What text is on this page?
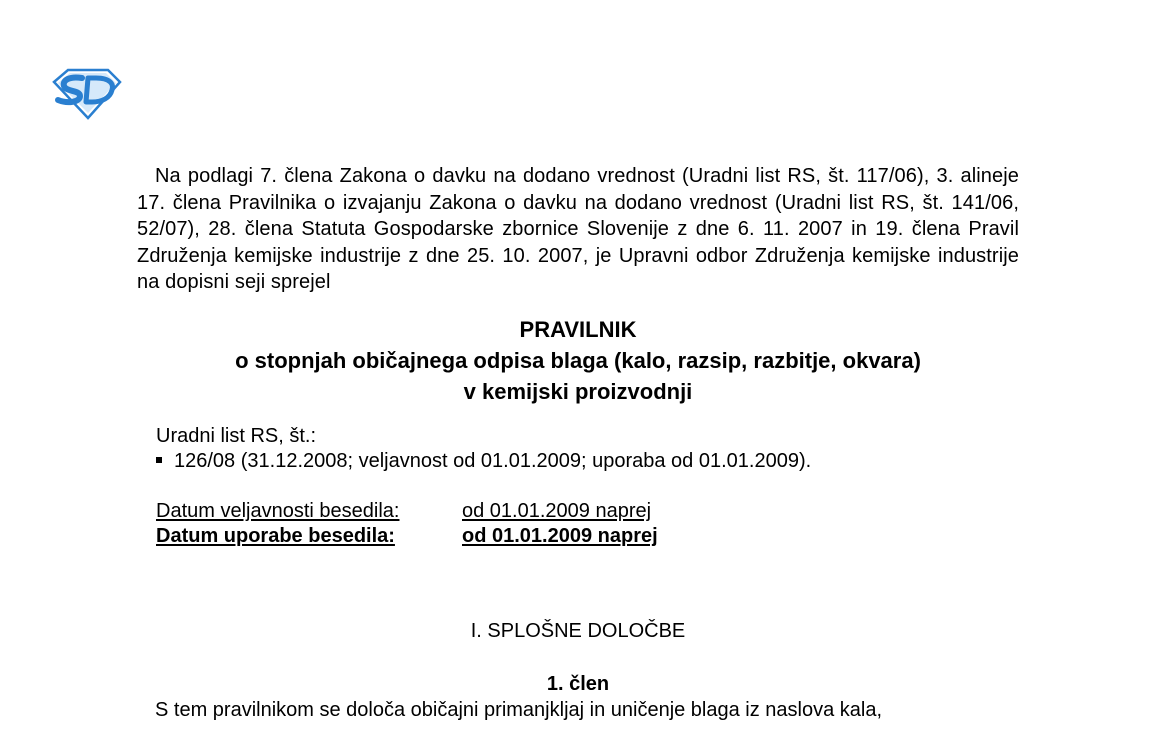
Na podlagi 7. člena Zakona o davku na dodano vrednost (Uradni list RS, št. 117/06), 3. alineje 17. člena Pravilnika o izvajanju Zakona o davku na dodano vrednost (Uradni list RS, št. 141/06, 52/07), 28. člena Statuta Gospodarske zbornice Slovenije z dne 6. 11. 2007 in 19. člena Pravil Združenja kemijske industrije z dne 25. 10. 2007, je Upravni odbor Združenja kemijske industrije na dopisni seji sprejel

PRAVILNIK
o stopnjah običajnega odpisa blaga (kalo, razsip, razbitje, okvara)
v kemijski proizvodnji
Uradni list RS, št.:
126/08 (31.12.2008; veljavnost od 01.01.2009; uporaba od 01.01.2009).
Datum veljavnosti besedila:	od 01.01.2009 naprej
Datum uporabe besedila:	od 01.01.2009 naprej
I. SPLOŠNE DOLOČBE
1. člen

S tem pravilnikom se določa običajni primanjkljaj in uničenje blaga iz naslova kala,
